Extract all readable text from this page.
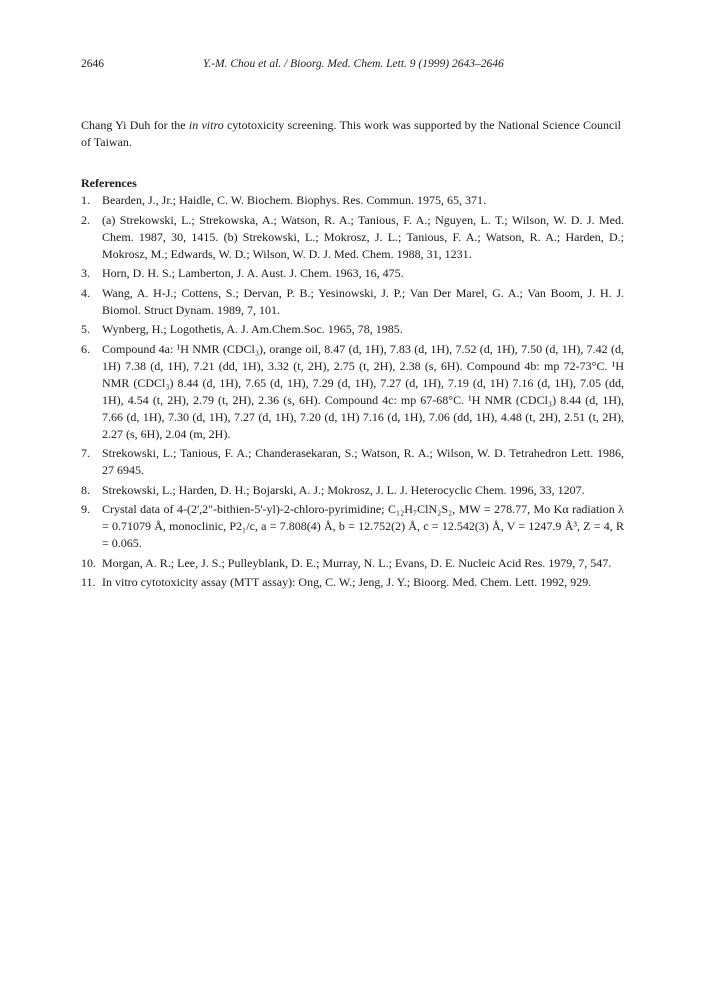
2646	Y.-M. Chou et al. / Bioorg. Med. Chem. Lett. 9 (1999) 2643–2646
Chang Yi Duh for the in vitro cytotoxicity screening. This work was supported by the National Science Council of Taiwan.
References
1. Bearden, J., Jr.; Haidle, C. W. Biochem. Biophys. Res. Commun. 1975, 65, 371.
2. (a) Strekowski, L.; Strekowska, A.; Watson, R. A.; Tanious, F. A.; Nguyen, L. T.; Wilson, W. D. J. Med. Chem. 1987, 30, 1415. (b) Strekowski, L.; Mokrosz, J. L.; Tanious, F. A.; Watson, R. A.; Harden, D.; Mokrosz, M.; Edwards, W. D.; Wilson, W. D. J. Med. Chem. 1988, 31, 1231.
3. Horn, D. H. S.; Lamberton, J. A. Aust. J. Chem. 1963, 16, 475.
4. Wang, A. H-J.; Cottens, S.; Dervan, P. B.; Yesinowski, J. P.; Van Der Marel, G. A.; Van Boom, J. H. J. Biomol. Struct Dynam. 1989, 7, 101.
5. Wynberg, H.; Logothetis, A. J. Am.Chem.Soc. 1965, 78, 1985.
6. Compound 4a: ¹H NMR (CDCl₃), orange oil, 8.47 (d, 1H), 7.83 (d, 1H), 7.52 (d, 1H), 7.50 (d, 1H), 7.42 (d, 1H) 7.38 (d, 1H), 7.21 (dd, 1H), 3.32 (t, 2H), 2.75 (t, 2H), 2.38 (s, 6H). Compound 4b: mp 72-73°C. ¹H NMR (CDCl₃) 8.44 (d, 1H), 7.65 (d, 1H), 7.29 (d, 1H), 7.27 (d, 1H), 7.19 (d, 1H) 7.16 (d, 1H), 7.05 (dd, 1H), 4.54 (t, 2H), 2.79 (t, 2H), 2.36 (s, 6H). Compound 4c: mp 67-68°C. ¹H NMR (CDCl₃) 8.44 (d, 1H), 7.66 (d, 1H), 7.30 (d, 1H), 7.27 (d, 1H), 7.20 (d, 1H) 7.16 (d, 1H), 7.06 (dd, 1H), 4.48 (t, 2H), 2.51 (t, 2H), 2.27 (s, 6H), 2.04 (m, 2H).
7. Strekowski, L.; Tanious, F. A.; Chanderasekaran, S.; Watson, R. A.; Wilson, W. D. Tetrahedron Lett. 1986, 27 6945.
8. Strekowski, L.; Harden, D. H.; Bojarski, A. J.; Mokrosz, J. L. J. Heterocyclic Chem. 1996, 33, 1207.
9. Crystal data of 4-(2',2"-bithien-5'-yl)-2-chloro-pyrimidine; C₁₂H₇ClN₂S₂, MW = 278.77, Mo Kα radiation λ = 0.71079 Å, monoclinic, P2₁/c, a = 7.808(4) Å, b = 12.752(2) Å, c = 12.542(3) Å, V = 1247.9 Å³, Z = 4, R = 0.065.
10. Morgan, A. R.; Lee, J. S.; Pulleyblank, D. E.; Murray, N. L.; Evans, D. E. Nucleic Acid Res. 1979, 7, 547.
11. In vitro cytotoxicity assay (MTT assay): Ong, C. W.; Jeng, J. Y.; Bioorg. Med. Chem. Lett. 1992, 929.
